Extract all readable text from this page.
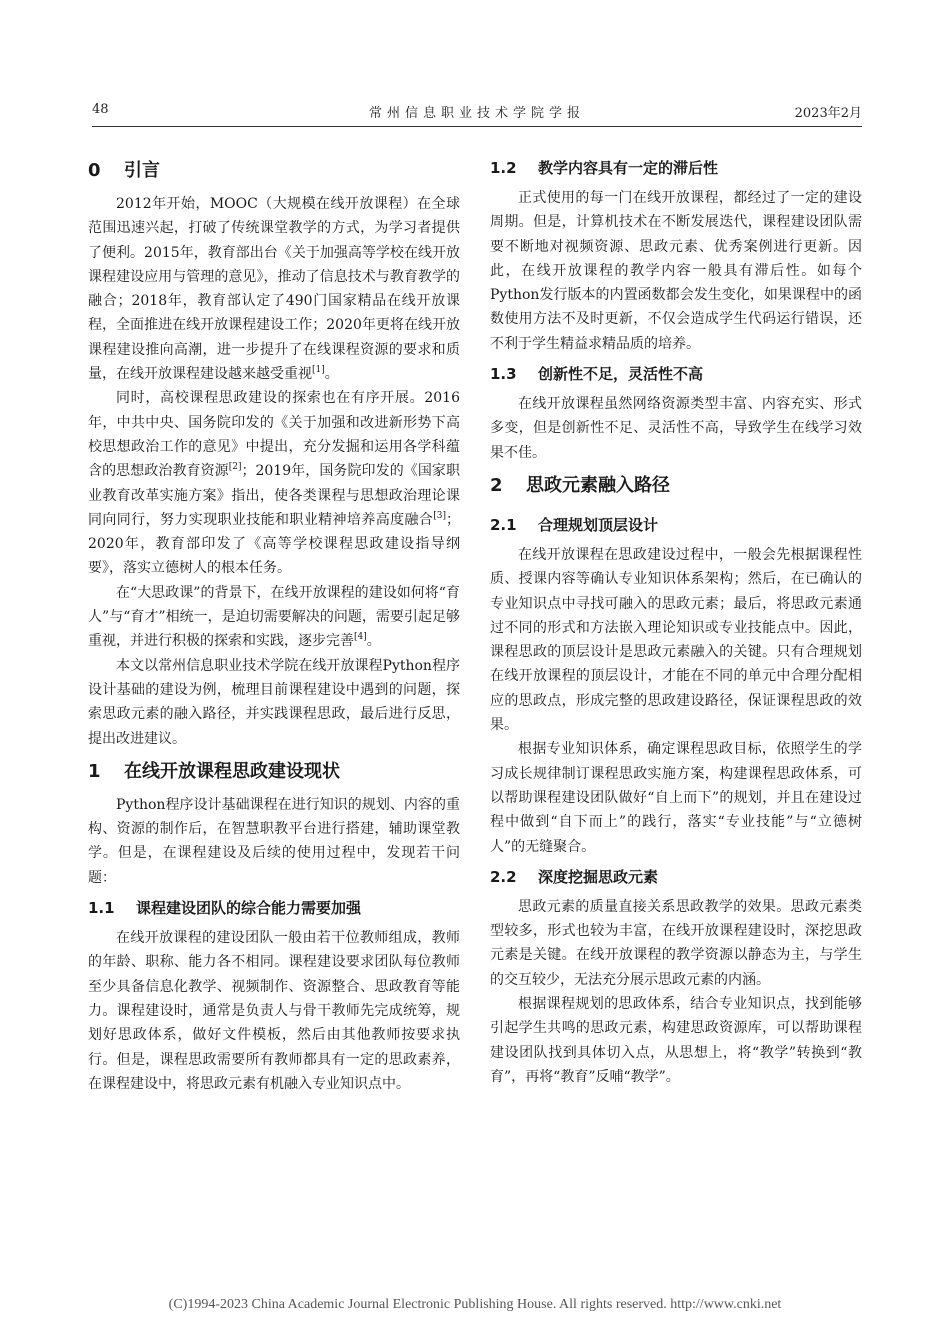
48	常州信息职业技术学院学报	2023年2月
0 引言

2012年开始，MOOC（大规模在线开放课程）在全球范围迅速兴起，打破了传统课堂教学的方式，为学习者提供了便利。2015年，教育部出台《关于加强高等学校在线开放课程建设应用与管理的意见》，推动了信息技术与教育教学的融合；2018年，教育部认定了490门国家精品在线开放课程，全面推进在线开放课程建设工作；2020年更将在线开放课程建设推向高潮，进一步提升了在线课程资源的要求和质量，在线开放课程建设越来越受重视[1]。

同时，高校课程思政建设的探索也在有序开展。2016年，中共中央、国务院印发的《关于加强和改进新形势下高校思想政治工作的意见》中提出，充分发掘和运用各学科蕴含的思想政治教育资源[2]；2019年，国务院印发的《国家职业教育改革实施方案》指出，使各类课程与思想政治理论课同向同行，努力实现职业技能和职业精神培养高度融合[3]；2020年，教育部印发了《高等学校课程思政建设指导纲要》，落实立德树人的根本任务。

在“大思政课”的背景下，在线开放课程的建设如何将“育人”与“育才”相统一，是迫切需要解决的问题，需要引起足够重视，并进行积极的探索和实践，逐步完善[4]。

本文以常州信息职业技术学院在线开放课程Python程序设计基础的建设为例，梳理目前课程建设中遇到的问题，探索思政元素的融入路径，并实践课程思政，最后进行反思，提出改进建议。

1 在线开放课程思政建设现状

Python程序设计基础课程在进行知识的规划、内容的重构、资源的制作后，在智慧职教平台进行搭建，辅助课堂教学。但是，在课程建设及后续的使用过程中，发现若干问题：

1.1 课程建设团队的综合能力需要加强

在线开放课程的建设团队一般由若干位教师组成，教师的年龄、职称、能力各不相同。课程建设要求团队每位教师至少具备信息化教学、视频制作、资源整合、思政教育等能力。课程建设时，通常是负责人与骨干教师先完成统筹，规划好思政体系，做好文件模板，然后由其他教师按要求执行。但是，课程思政需要所有教师都具有一定的思政素养，在课程建设中，将思政元素有机融入专业知识点中。

1.2 教学内容具有一定的滞后性

正式使用的每一门在线开放课程，都经过了一定的建设周期。但是，计算机技术在不断发展迭代，课程建设团队需要不断地对视频资源、思政元素、优秀案例进行更新。因此，在线开放课程的教学内容一般具有滞后性。如每个Python发行版本的内置函数都会发生变化，如果课程中的函数使用方法不及时更新，不仅会造成学生代码运行错误，还不利于学生精益求精品质的培养。

1.3 创新性不足，灵活性不高

在线开放课程虽然网络资源类型丰富、内容充实、形式多变，但是创新性不足、灵活性不高，导致学生在线学习效果不佳。

2 思政元素融入路径
2.1 合理规划顶层设计

在线开放课程在思政建设过程中，一般会先根据课程性质、授课内容等确认专业知识体系架构；然后，在已确认的专业知识点中寻找可融入的思政元素；最后，将思政元素通过不同的形式和方法嵌入理论知识或专业技能点中。因此，课程思政的顶层设计是思政元素融入的关键。只有合理规划在线开放课程的顶层设计，才能在不同的单元中合理分配相应的思政点，形成完整的思政建设路径，保证课程思政的效果。

根据专业知识体系，确定课程思政目标，依照学生的学习成长规律制订课程思政实施方案，构建课程思政体系，可以帮助课程建设团队做好“自上而下”的规划，并且在建设过程中做到“自下而上”的践行，落实“专业技能”与“立德树人”的无缝聚合。

2.2 深度挖掘思政元素

思政元素的质量直接关系思政教学的效果。思政元素类型较多，形式也较为丰富，在线开放课程建设时，深挖思政元素是关键。在线开放课程的教学资源以静态为主，与学生的交互较少，无法充分展示思政元素的内涵。

根据课程规划的思政体系，结合专业知识点，找到能够引起学生共鸣的思政元素，构建思政资源库，可以帮助课程建设团队找到具体切入点，从思想上，将“教学”转换到“教育”，再将“教育”反哺“教学”。

(C)1994-2023 China Academic Journal Electronic Publishing House. All rights reserved. http://www.cnki.net
